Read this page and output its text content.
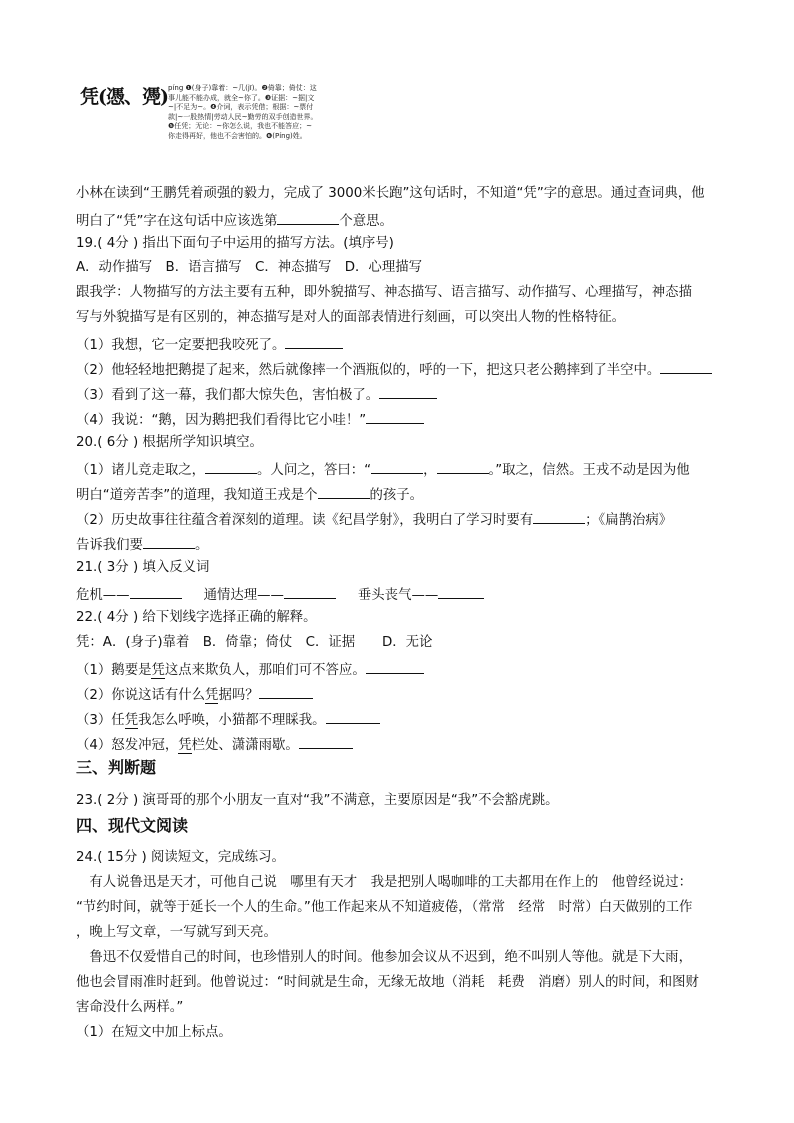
凭(憑、凴) píng ❶(身子)靠着：~几(jī)。❷倚靠；倚仗：这事儿能不能办成，就全~你了。❸证据：~据|文~|不足为~。❹介词，表示凭借；根据：~票付款|~一股热情|劳动人民~勤劳的双手创造世界。❺任凭；无论：~你怎么说，我也不能答应；~你走得再好，他也不会害怕的。❻(Píng)姓。
小林在读到“王鹏凭着顽强的毅力，完成了 3000米长跑”这句话时，不知道“凭”字的意思。通过查词典，他
明白了“凭”字在这句话中应该选第	个意思。
19.( 4分 ) 指出下面句子中运用的描写方法。(填序号)
A．动作描写　B．语言描写　C．神态描写　D．心理描写
跟我学：人物描写的方法主要有五种，即外貌描写、神态描写、语言描写、动作描写、心理描写，神态描
写与外貌描写是有区别的，神态描写是对人的面部表情进行刻画，可以突出人物的性格特征。
（1）我想，它一定要把我咬死了。
（2）他轻轻地把鹅提了起来，然后就像摔一个酒瓶似的，呼的一下，把这只老公鹅摔到了半空中。
（3）看到了这一幕，我们都大惊失色，害怕极了。
（4）我说：“鹅，因为鹅把我们看得比它小哇！”
20.( 6分 ) 根据所学知识填空。
（1）诸儿竞走取之，	。人问之，答曰：“	，	。”取之，信然。王戎不动是因为他
明白“道旁苦李”的道理，我知道王戎是个	的孩子。
（2）历史故事往往蕴含着深刻的道理。读《纪昌学射》，我明白了学习时要有	；《扁鹊治病》
告诉我们要	。
21.( 3分 ) 填入反义词
危机——	通情达理——	垂头丧气——
22.( 4分 ) 给下划线字选择正确的解释。
凭：A．(身子)靠着　B．倚靠；倚仗　C．证据　　D．无论
（1）鹅要是凭这点来欺负人，那咱们可不答应。
（2）你说这话有什么凭据吗？
（3）任凭我怎么呼唤，小猫都不理睬我。
（4）怒发冲冠，凭栏处、潇潇雨歇。
三、判断题
23.( 2分 ) 演哥哥的那个小朋友一直对“我”不满意，主要原因是“我”不会豁虎跳。
四、现代文阅读
24.( 15分 ) 阅读短文，完成练习。
　有人说鲁迅是天才，可他自己说　哪里有天才　我是把别人喝咖啡的工夫都用在作上的　他曾经说过：
“节约时间，就等于延长一个人的生命。”他工作起来从不知道疲倦，（常常　经常　时常）白天做别的工作
，晚上写文章，一写就写到天亮。
　鲁迅不仅爱惜自己的时间，也珍惜别人的时间。他参加会议从不迟到，绝不叫别人等他。就是下大雨，
他也会冒雨准时赶到。他曾说过：“时间就是生命，无缘无故地（消耗　耗费　消磨）别人的时间，和图财
害命没什么两样。”
（1）在短文中加上标点。
